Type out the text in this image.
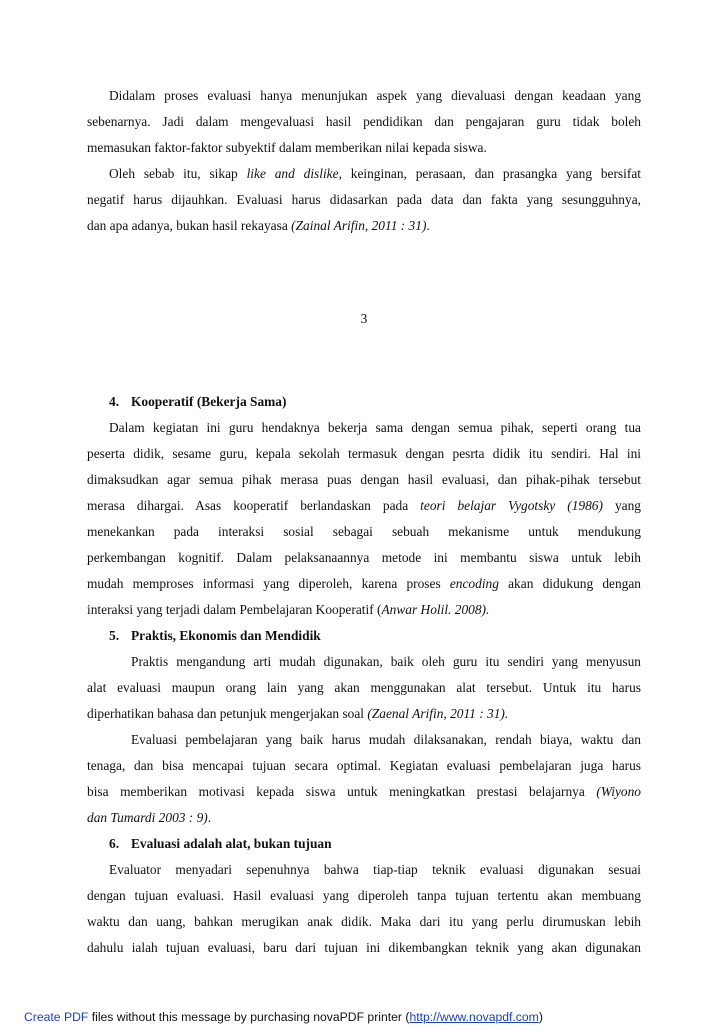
Didalam proses evaluasi hanya menunjukan aspek yang dievaluasi dengan keadaan yang
sebenarnya. Jadi dalam mengevaluasi hasil pendidikan dan pengajaran guru tidak boleh
memasukan faktor-faktor subyektif dalam memberikan nilai kepada siswa.
Oleh sebab itu, sikap like and dislike, keinginan, perasaan, dan prasangka yang bersifat
negatif harus dijauhkan. Evaluasi harus didasarkan pada data dan fakta yang sesungguhnya,
dan apa adanya, bukan hasil rekayasa (Zainal Arifin, 2011 : 31).
3
4. Kooperatif (Bekerja Sama)
Dalam kegiatan ini guru hendaknya bekerja sama dengan semua pihak, seperti orang tua
peserta didik, sesame guru, kepala sekolah termasuk dengan pesrta didik itu sendiri. Hal ini
dimaksudkan agar semua pihak merasa puas dengan hasil evaluasi, dan pihak-pihak tersebut
merasa dihargai. Asas kooperatif berlandaskan pada teori belajar Vygotsky (1986) yang
menekankan pada interaksi sosial sebagai sebuah mekanisme untuk mendukung
perkembangan kognitif. Dalam pelaksanaannya metode ini membantu siswa untuk lebih
mudah memproses informasi yang diperoleh, karena proses encoding akan didukung dengan
interaksi yang terjadi dalam Pembelajaran Kooperatif (Anwar Holil. 2008).
5. Praktis, Ekonomis dan Mendidik
Praktis mengandung arti mudah digunakan, baik oleh guru itu sendiri yang menyusun
alat evaluasi maupun orang lain yang akan menggunakan alat tersebut. Untuk itu harus
diperhatikan bahasa dan petunjuk mengerjakan soal (Zaenal Arifin, 2011 : 31).
Evaluasi pembelajaran yang baik harus mudah dilaksanakan, rendah biaya, waktu dan
tenaga, dan bisa mencapai tujuan secara optimal. Kegiatan evaluasi pembelajaran juga harus
bisa memberikan motivasi kepada siswa untuk meningkatkan prestasi belajarnya (Wiyono
dan Tumardi 2003 : 9).
6. Evaluasi adalah alat, bukan tujuan
Evaluator menyadari sepenuhnya bahwa tiap-tiap teknik evaluasi digunakan sesuai
dengan tujuan evaluasi. Hasil evaluasi yang diperoleh tanpa tujuan tertentu akan membuang
waktu dan uang, bahkan merugikan anak didik. Maka dari itu yang perlu dirumuskan lebih
dahulu ialah tujuan evaluasi, baru dari tujuan ini dikembangkan teknik yang akan digunakan
Create PDF files without this message by purchasing novaPDF printer (http://www.novapdf.com)
